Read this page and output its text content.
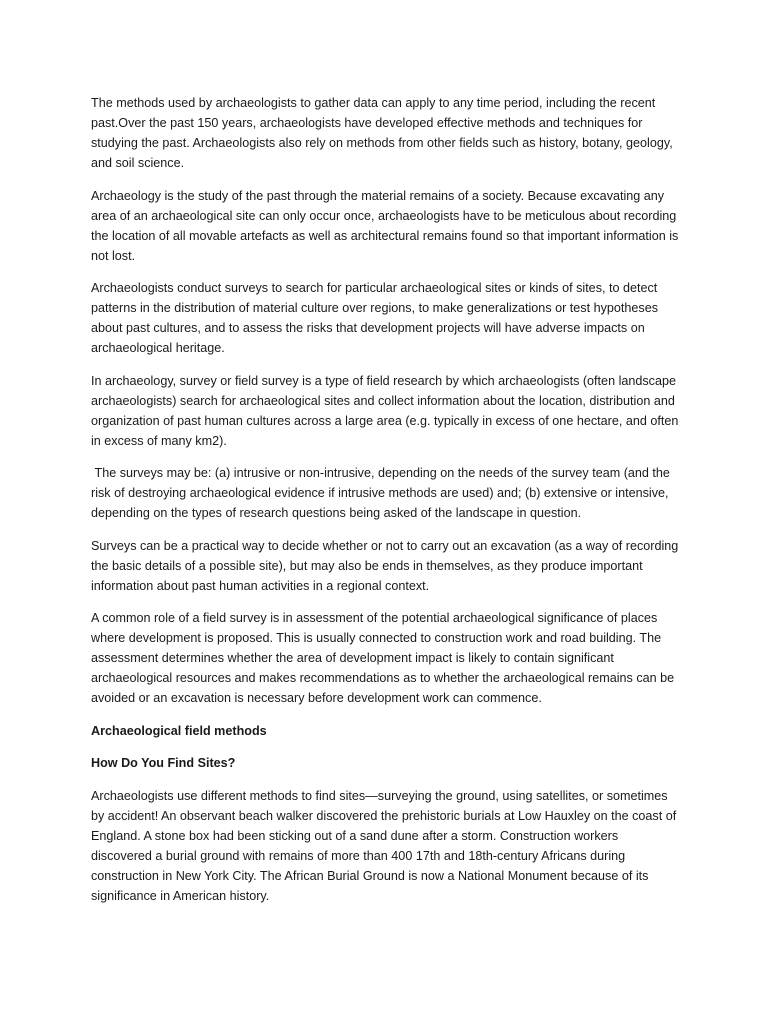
The methods used by archaeologists to gather data can apply to any time period, including the recent past.Over the past 150 years, archaeologists have developed effective methods and techniques for studying the past. Archaeologists also rely on methods from other fields such as history, botany, geology, and soil science.

Archaeology is the study of the past through the material remains of a society. Because excavating any area of an archaeological site can only occur once, archaeologists have to be meticulous about recording the location of all movable artefacts as well as architectural remains found so that important information is not lost.

Archaeologists conduct surveys to search for particular archaeological sites or kinds of sites, to detect patterns in the distribution of material culture over regions, to make generalizations or test hypotheses about past cultures, and to assess the risks that development projects will have adverse impacts on archaeological heritage.

In archaeology, survey or field survey is a type of field research by which archaeologists (often landscape archaeologists) search for archaeological sites and collect information about the location, distribution and organization of past human cultures across a large area (e.g. typically in excess of one hectare, and often in excess of many km2).

The surveys may be: (a) intrusive or non-intrusive, depending on the needs of the survey team (and the risk of destroying archaeological evidence if intrusive methods are used) and; (b) extensive or intensive, depending on the types of research questions being asked of the landscape in question.

Surveys can be a practical way to decide whether or not to carry out an excavation (as a way of recording the basic details of a possible site), but may also be ends in themselves, as they produce important information about past human activities in a regional context.

A common role of a field survey is in assessment of the potential archaeological significance of places where development is proposed. This is usually connected to construction work and road building. The assessment determines whether the area of development impact is likely to contain significant archaeological resources and makes recommendations as to whether the archaeological remains can be avoided or an excavation is necessary before development work can commence.

Archaeological field methods

How Do You Find Sites?

Archaeologists use different methods to find sites—surveying the ground, using satellites, or sometimes by accident! An observant beach walker discovered the prehistoric burials at Low Hauxley on the coast of England. A stone box had been sticking out of a sand dune after a storm. Construction workers discovered a burial ground with remains of more than 400 17th and 18th-century Africans during construction in New York City. The African Burial Ground is now a National Monument because of its significance in American history.
